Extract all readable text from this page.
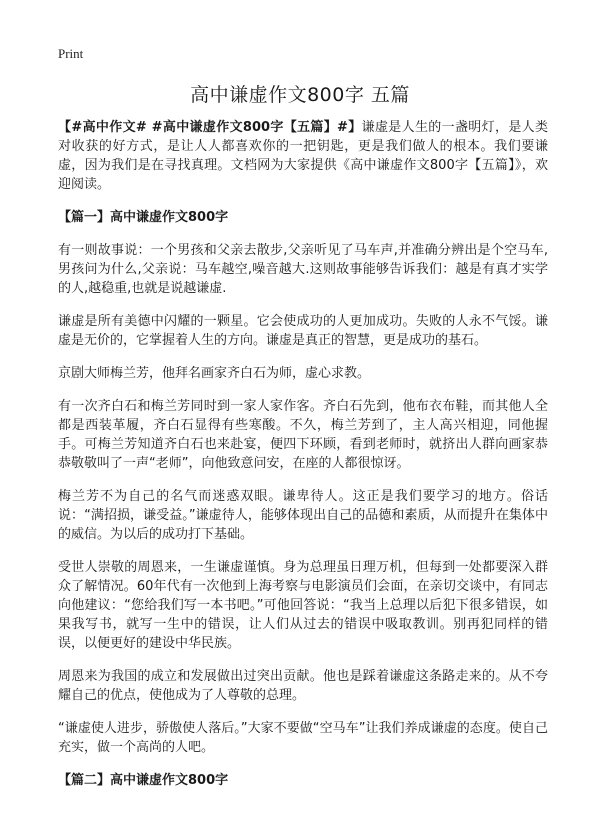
Print
高中谦虚作文800字 五篇

【#高中作文# #高中谦虚作文800字【五篇】#】谦虚是人生的一盏明灯，是人类对收获的好方式，是让人人都喜欢你的一把钥匙，更是我们做人的根本。我们要谦虚，因为我们是在寻找真理。文档网为大家提供《高中谦虚作文800字【五篇】》，欢迎阅读。

【篇一】高中谦虚作文800字

有一则故事说：一个男孩和父亲去散步,父亲听见了马车声,并准确分辨出是个空马车,男孩问为什么,父亲说：马车越空,噪音越大.这则故事能够告诉我们：越是有真才实学的人,越稳重,也就是说越谦虚.

谦虚是所有美德中闪耀的一颗星。它会使成功的人更加成功。失败的人永不气馁。谦虚是无价的，它掌握着人生的方向。谦虚是真正的智慧，更是成功的基石。

京剧大师梅兰芳，他拜名画家齐白石为师，虚心求教。

有一次齐白石和梅兰芳同时到一家人家作客。齐白石先到，他布衣布鞋，而其他人全都是西装革履，齐白石显得有些寒酸。不久，梅兰芳到了，主人高兴相迎，同他握手。可梅兰芳知道齐白石也来赴宴，便四下环顾，看到老师时，就挤出人群向画家恭恭敬敬叫了一声“老师”，向他致意问安，在座的人都很惊讶。

梅兰芳不为自己的名气而迷惑双眼。谦卑待人。这正是我们要学习的地方。俗话说：“满招损，谦受益。”谦虚待人，能够体现出自己的品德和素质，从而提升在集体中的威信。为以后的成功打下基础。

受世人崇敬的周恩来，一生谦虚谨慎。身为总理虽日理万机，但每到一处都要深入群众了解情况。60年代有一次他到上海考察与电影演员们会面，在亲切交谈中，有同志向他建议：“您给我们写一本书吧。”可他回答说：“我当上总理以后犯下很多错误，如果我写书，就写一生中的错误，让人们从过去的错误中吸取教训。别再犯同样的错误，以便更好的建设中华民族。

周恩来为我国的成立和发展做出过突出贡献。他也是踩着谦虚这条路走来的。从不夸耀自己的优点，使他成为了人尊敬的总理。

“谦虚使人进步，骄傲使人落后。”大家不要做“空马车”让我们养成谦虚的态度。使自己充实，做一个高尚的人吧。

【篇二】高中谦虚作文800字
